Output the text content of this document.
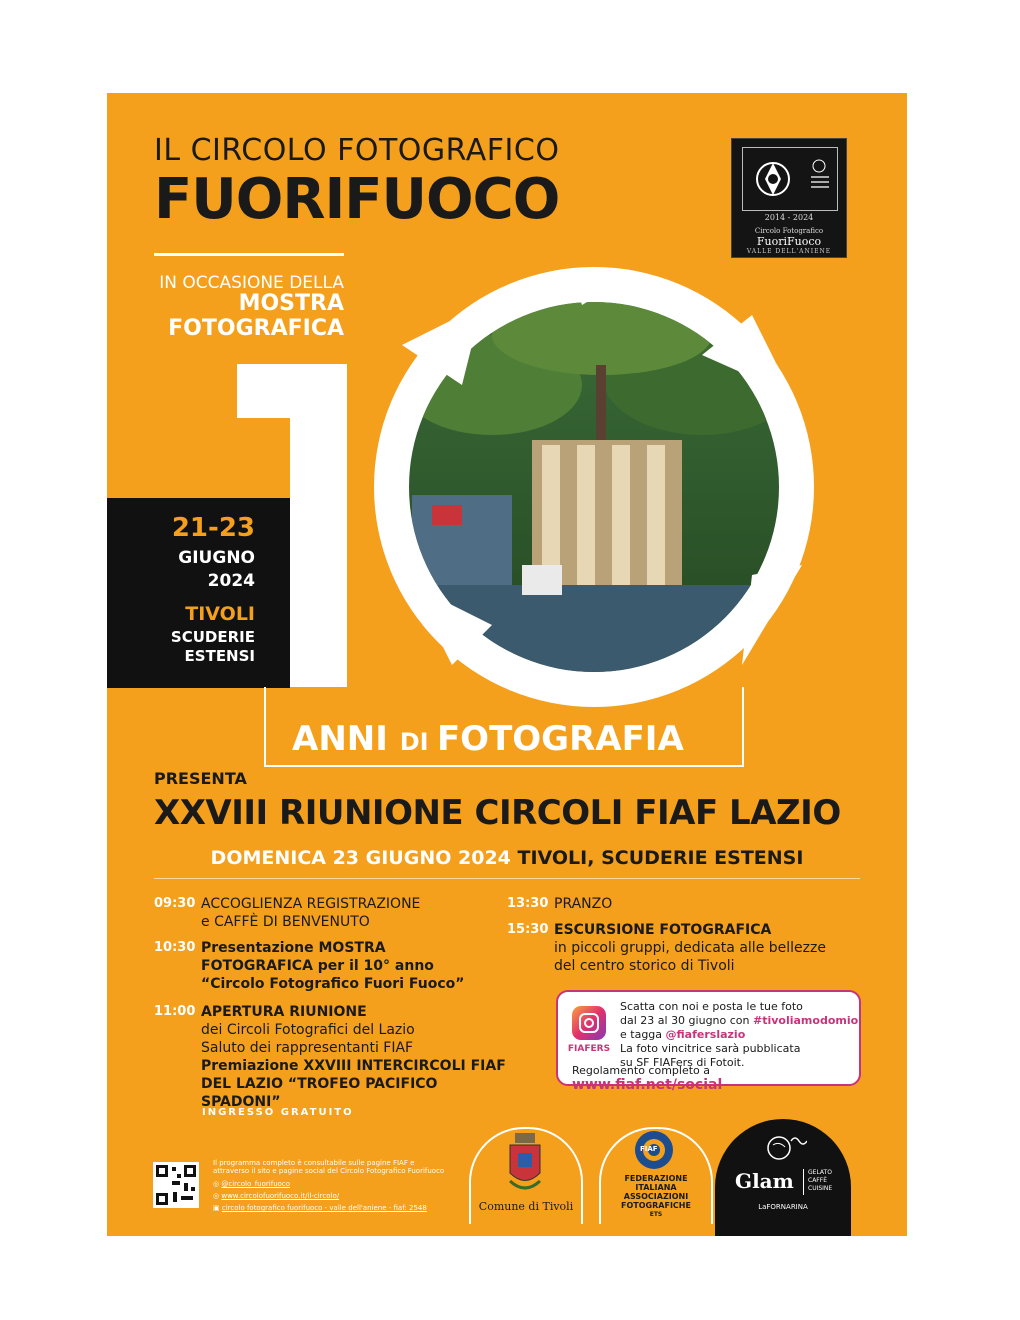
IL CIRCOLO FOTOGRAFICO
FUORIFUOCO
IN OCCASIONE DELLA
MOSTRA
FOTOGRAFICA
2014 - 2024
Circolo Fotografico
FuoriFuoco
VALLE DELL'ANIENE
21-23
GIUGNO
2024
TIVOLI
SCUDERIE
ESTENSI
ANNI DI FOTOGRAFIA
PRESENTA
XXVIII RIUNIONE CIRCOLI FIAF LAZIO
DOMENICA 23 GIUGNO 2024 TIVOLI, SCUDERIE ESTENSI
09:30 ACCOGLIENZA REGISTRAZIONE
e CAFFÈ DI BENVENUTO
10:30 Presentazione MOSTRA
FOTOGRAFICA per il 10° anno
“Circolo Fotografico Fuori Fuoco”
11:00 APERTURA RIUNIONE
dei Circoli Fotografici del Lazio
Saluto dei rappresentanti FIAF
Premiazione XXVIII INTERCIRCOLI FIAF
DEL LAZIO “TROFEO PACIFICO SPADONI”
13:30 PRANZO
15:30 ESCURSIONE FOTOGRAFICA
in piccoli gruppi, dedicata alle bellezze
del centro storico di Tivoli
FIAFERS
Scatta con noi e posta le tue foto
dal 23 al 30 giugno con #tivoliamodomio
e tagga @fiaferslazio
La foto vincitrice sarà pubblicata
su SF FIAFers di Fotoit.
Regolamento completo a www.fiaf.net/social
INGRESSO GRATUITO
Il programma completo è consultabile sulle pagine FIAF e
attraverso il sito e pagine social del Circolo Fotografico Fuorifuoco
◎ @circolo_fuorifuoco
◎ www.circolofuorifuoco.it/il-circolo/
▣ circolo fotografico fuorifuoco - valle dell'aniene - fiaf: 2548	Comune di Tivoli
FIAF
FEDERAZIONE
ITALIANA
ASSOCIAZIONI
FOTOGRAFICHE
ETS
Glam GELATO
CAFFÈ
CUISINE
LaFORNARINA
